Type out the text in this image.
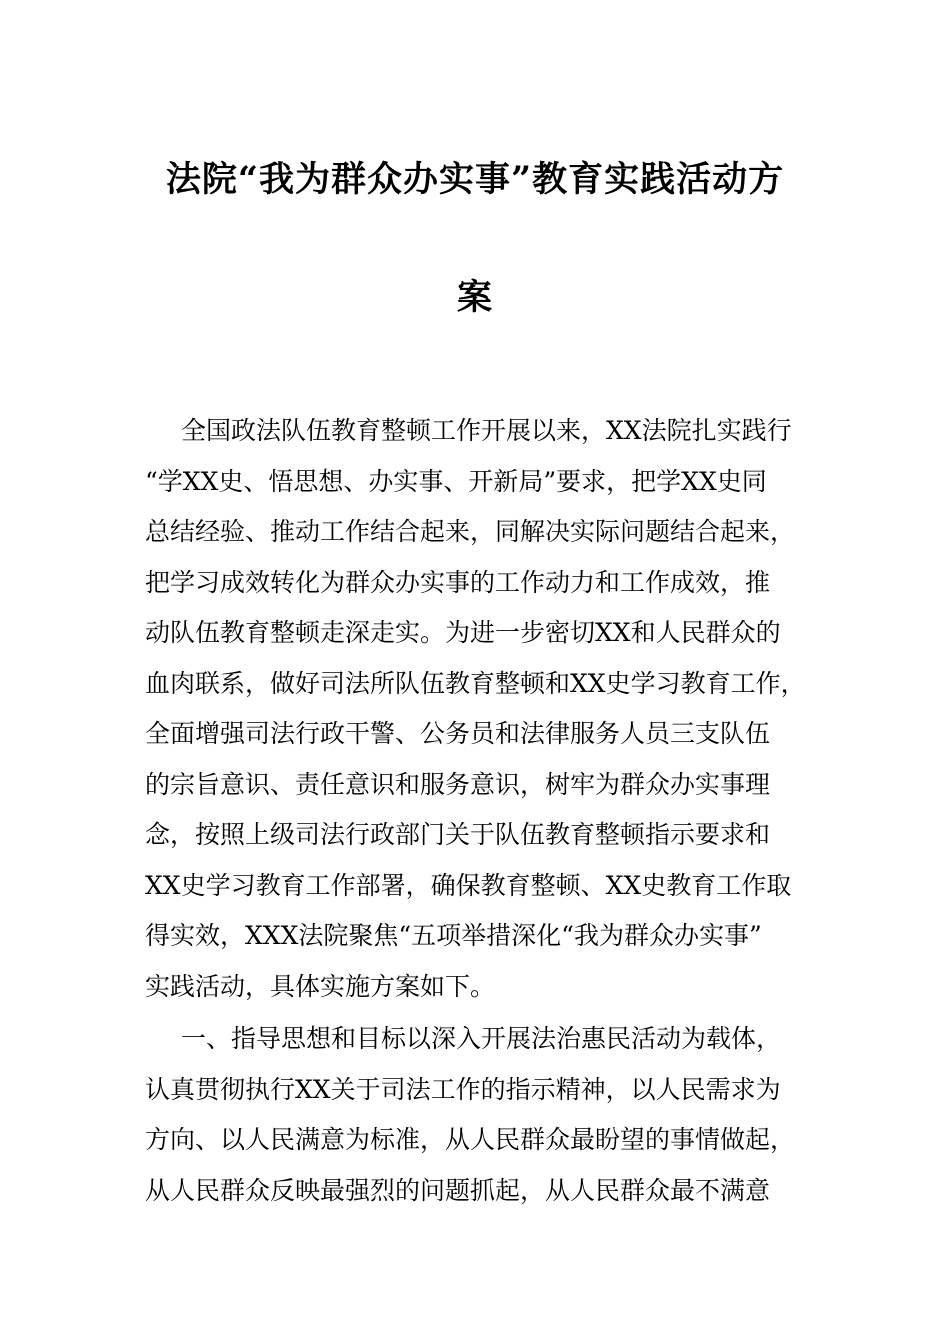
法院“我为群众办实事”教育实践活动方
案
全国政法队伍教育整顿工作开展以来，XX法院扎实践行
“学XX史、悟思想、办实事、开新局”要求，把学XX史同
总结经验、推动工作结合起来，同解决实际问题结合起来，
把学习成效转化为群众办实事的工作动力和工作成效，推
动队伍教育整顿走深走实。为进一步密切XX和人民群众的
血肉联系，做好司法所队伍教育整顿和XX史学习教育工作，
全面增强司法行政干警、公务员和法律服务人员三支队伍
的宗旨意识、责任意识和服务意识，树牢为群众办实事理
念，按照上级司法行政部门关于队伍教育整顿指示要求和
XX史学习教育工作部署，确保教育整顿、XX史教育工作取
得实效，XXX法院聚焦“五项举措深化“我为群众办实事”
实践活动，具体实施方案如下。
一、指导思想和目标以深入开展法治惠民活动为载体，
认真贯彻执行XX关于司法工作的指示精神，以人民需求为
方向、以人民满意为标准，从人民群众最盼望的事情做起，
从人民群众反映最强烈的问题抓起，从人民群众最不满意
